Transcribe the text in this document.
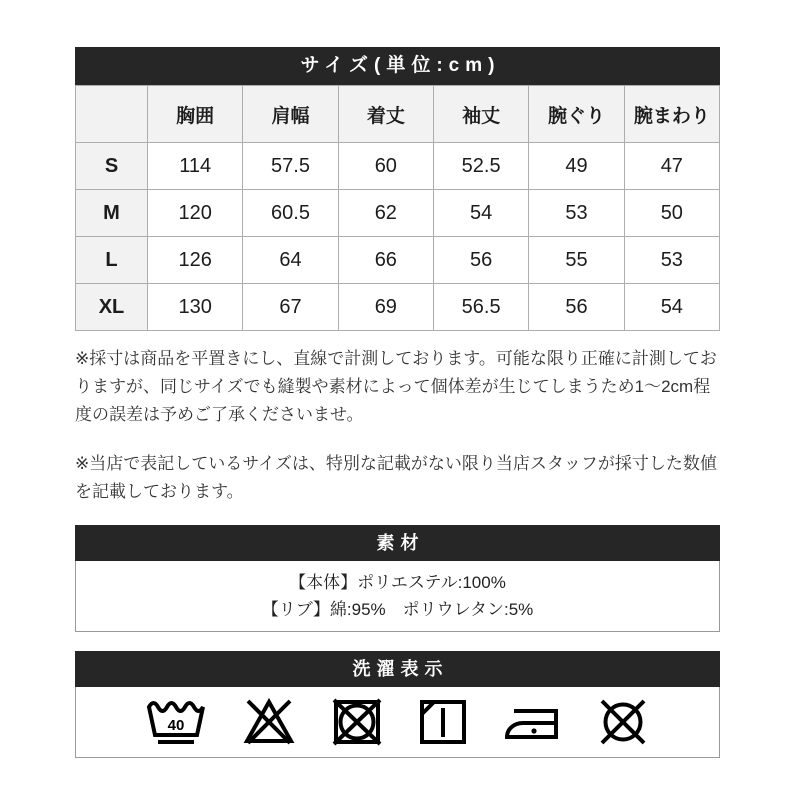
サイズ(単位:cm)
	胸囲	肩幅	着丈	袖丈	腕ぐり	腕まわり
S	114	57.5	60	52.5	49	47
M	120	60.5	62	54	53	50
L	126	64	66	56	55	53
XL	130	67	69	56.5	56	54

※採寸は商品を平置きにし、直線で計測しております。可能な限り正確に計測しておりますが、同じサイズでも縫製や素材によって個体差が生じてしまうため1〜2cm程度の誤差は予めご了承くださいませ。

※当店で表記しているサイズは、特別な記載がない限り当店スタッフが採寸した数値を記載しております。

素材
【本体】ポリエステル:100%
【リブ】綿:95%　ポリウレタン:5%
洗濯表示
40
